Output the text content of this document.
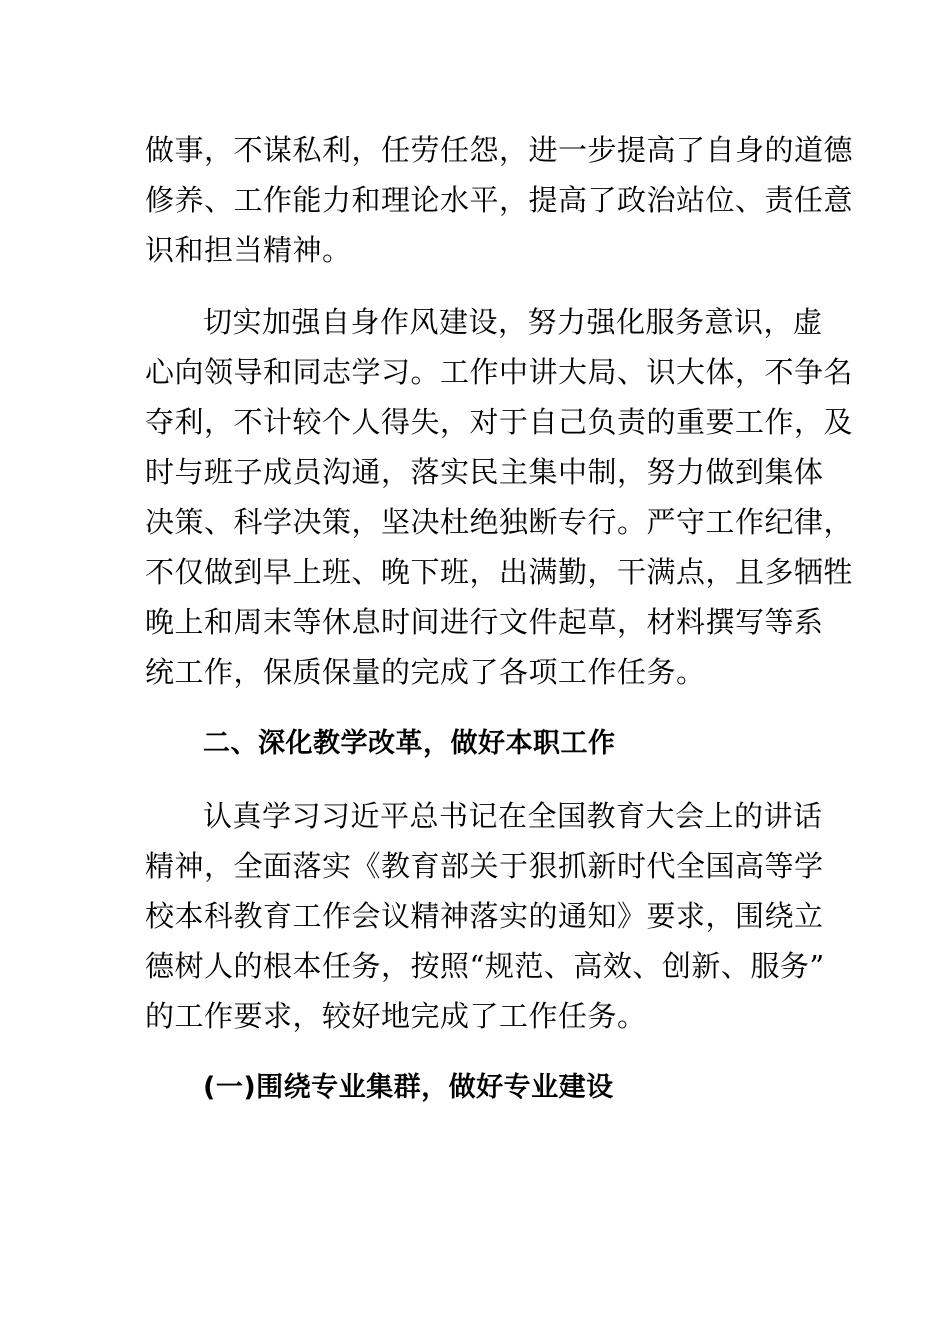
做事，不谋私利，任劳任怨，进一步提高了自身的道德
修养、工作能力和理论水平，提高了政治站位、责任意
识和担当精神。
切实加强自身作风建设，努力强化服务意识，虚
心向领导和同志学习。工作中讲大局、识大体，不争名
夺利，不计较个人得失，对于自己负责的重要工作，及
时与班子成员沟通，落实民主集中制，努力做到集体
决策、科学决策，坚决杜绝独断专行。严守工作纪律，
不仅做到早上班、晚下班，出满勤，干满点，且多牺牲
晚上和周末等休息时间进行文件起草，材料撰写等系
统工作，保质保量的完成了各项工作任务。
二、深化教学改革，做好本职工作
认真学习习近平总书记在全国教育大会上的讲话
精神，全面落实《教育部关于狠抓新时代全国高等学
校本科教育工作会议精神落实的通知》要求，围绕立
德树人的根本任务，按照“规范、高效、创新、服务”
的工作要求，较好地完成了工作任务。
(一)围绕专业集群，做好专业建设
